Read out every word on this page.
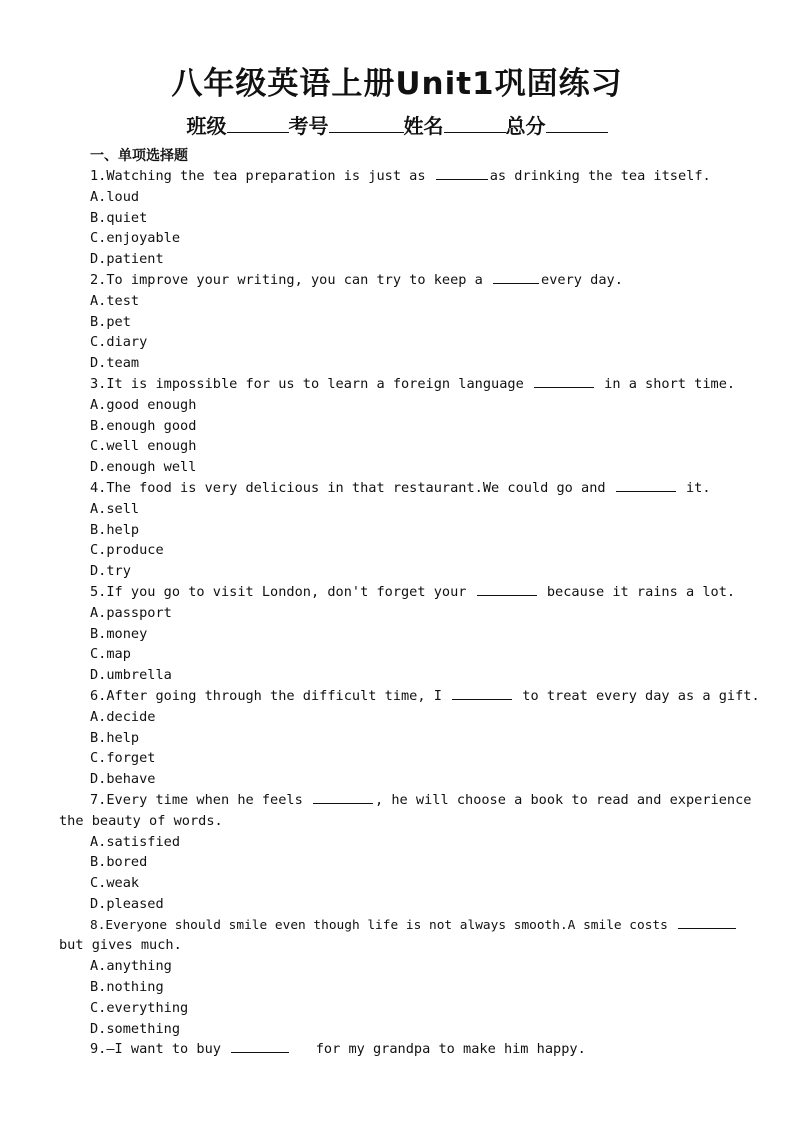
八年级英语上册Unit1巩固练习
班级	考号	姓名	总分
一、单项选择题
1.Watching the tea preparation is just as	as drinking the tea itself.
A.loud
B.quiet
C.enjoyable
D.patient
2.To improve your writing, you can try to keep a	every day.
A.test
B.pet
C.diary
D.team
3.It is impossible for us to learn a foreign language	in a short time.
A.good enough
B.enough good
C.well enough
D.enough well
4.The food is very delicious in that restaurant.We could go and	it.
A.sell
B.help
C.produce
D.try
5.If you go to visit London, don't forget your	because it rains a lot.
A.passport
B.money
C.map
D.umbrella
6.After going through the difficult time, I	to treat every day as a gift.
A.decide
B.help
C.forget
D.behave
7.Every time when he feels	, he will choose a book to read and experience
the beauty of words.
A.satisfied
B.bored
C.weak
D.pleased
8.Everyone should smile even though life is not always smooth.A smile costs
but gives much.
A.anything
B.nothing
C.everything
D.something
9.—I want to buy	for my grandpa to make him happy.
